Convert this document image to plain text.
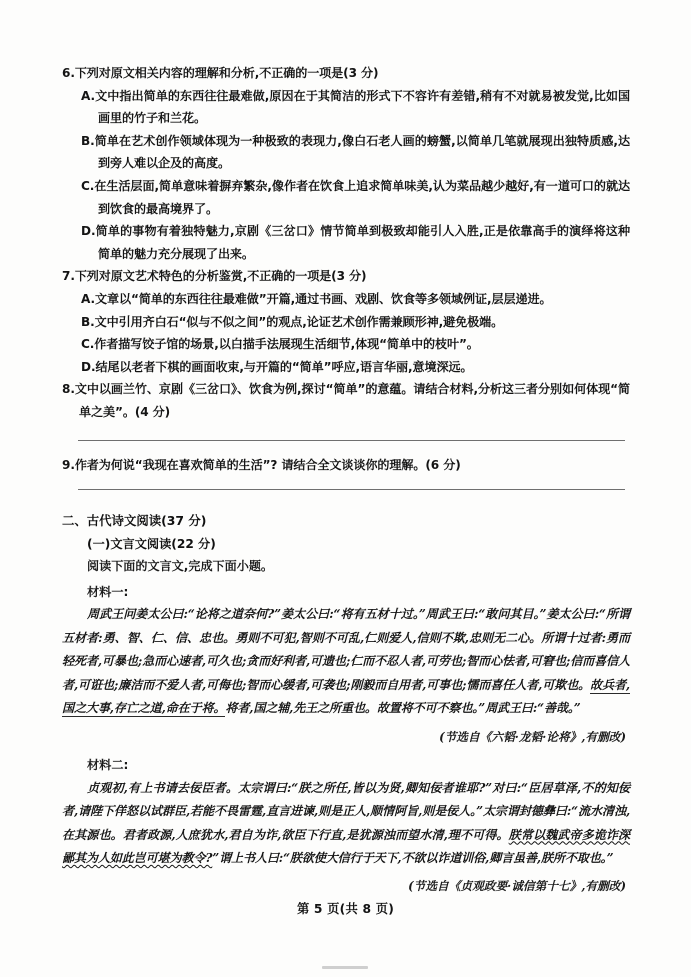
6.下列对原文相关内容的理解和分析,不正确的一项是(3 分)

A.文中指出简单的东西往往最难做,原因在于其简洁的形式下不容许有差错,稍有不对就易被发觉,比如国画里的竹子和兰花。

B.简单在艺术创作领域体现为一种极致的表现力,像白石老人画的螃蟹,以简单几笔就展现出独特质感,达到旁人难以企及的高度。

C.在生活层面,简单意味着摒弃繁杂,像作者在饮食上追求简单味美,认为菜品越少越好,有一道可口的就达到饮食的最高境界了。

D.简单的事物有着独特魅力,京剧《三岔口》情节简单到极致却能引人入胜,正是依靠高手的演绎将这种简单的魅力充分展现了出来。

7.下列对原文艺术特色的分析鉴赏,不正确的一项是(3 分)

A.文章以“简单的东西往往最难做”开篇,通过书画、戏剧、饮食等多领域例证,层层递进。

B.文中引用齐白石“似与不似之间”的观点,论证艺术创作需兼顾形神,避免极端。

C.作者描写饺子馆的场景,以白描手法展现生活细节,体现“简单中的枝叶”。

D.结尾以老者下棋的画面收束,与开篇的“简单”呼应,语言华丽,意境深远。

8.文中以画兰竹、京剧《三岔口》、饮食为例,探讨“简单”的意蕴。请结合材料,分析这三者分别如何体现“简单之美”。(4 分)

9.作者为何说“我现在喜欢简单的生活”? 请结合全文谈谈你的理解。(6 分)

二、古代诗文阅读(37 分)

(一)文言文阅读(22 分)

阅读下面的文言文,完成下面小题。

材料一:

周武王问姜太公曰:“论将之道奈何?”姜太公曰:“将有五材十过。”周武王曰:“敢问其目。”姜太公曰:“所谓五材者:勇、智、仁、信、忠也。勇则不可犯,智则不可乱,仁则爱人,信则不欺,忠则无二心。所谓十过者:勇而轻死者,可暴也;急而心速者,可久也;贪而好利者,可遗也;仁而不忍人者,可劳也;智而心怯者,可窘也;信而喜信人者,可诳也;廉洁而不爱人者,可侮也;智而心缓者,可袭也;刚毅而自用者,可事也;懦而喜任人者,可欺也。故兵者,国之大事,存亡之道,命在于将。将者,国之辅,先王之所重也。故置将不可不察也。”周武王曰:“善哉。”

(节选自《六韬·龙韬·论将》,有删改)

材料二:

贞观初,有上书请去佞臣者。太宗谓曰:“朕之所任,皆以为贤,卿知佞者谁耶?”对曰:“臣居草泽,不的知佞者,请陛下佯怒以试群臣,若能不畏雷霆,直言进谏,则是正人,顺情阿旨,则是佞人。”太宗谓封德彝曰:“流水清浊,在其源也。君者政源,人庶犹水,君自为诈,欲臣下行直,是犹源浊而望水清,理不可得。朕常以魏武帝多诡诈深鄙其为人如此岂可堪为教令?”谓上书人曰:“朕欲使大信行于天下,不欲以诈道训俗,卿言虽善,朕所不取也。”

(节选自《贞观政要·诚信第十七》,有删改)

第 5 页(共 8 页)
